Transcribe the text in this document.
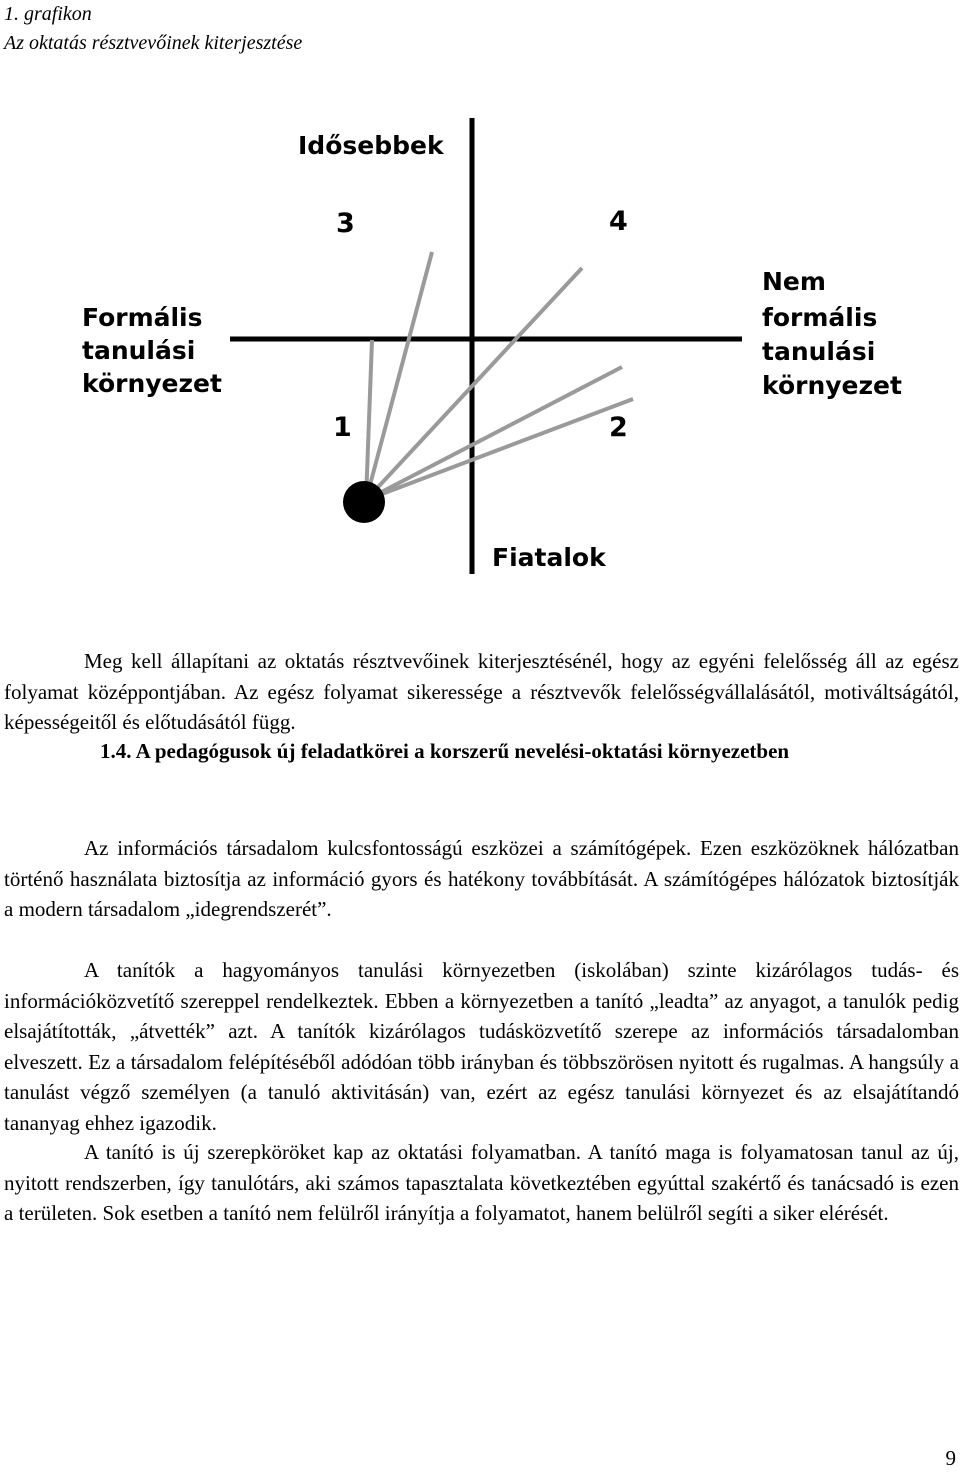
1. grafikon
Az oktatás résztvevőinek kiterjesztése
Idősebbek
Fiatalok
Formális
tanulási
környezet
Nem
formális
tanulási
környezet
1	2
3	4

Meg kell állapítani az oktatás résztvevőinek kiterjesztésénél, hogy az egyéni felelősség áll az egész folyamat középpontjában. Az egész folyamat sikeressége a résztvevők felelősségvállalásától, motiváltságától, képességeitől és előtudásától függ.

1.4. A pedagógusok új feladatkörei a korszerű nevelési-oktatási környezetben

Az információs társadalom kulcsfontosságú eszközei a számítógépek. Ezen eszközöknek hálózatban történő használata biztosítja az információ gyors és hatékony továbbítását. A számítógépes hálózatok biztosítják a modern társadalom „idegrendszerét”.

A tanítók a hagyományos tanulási környezetben (iskolában) szinte kizárólagos tudás- és információközvetítő szereppel rendelkeztek. Ebben a környezetben a tanító „leadta” az anyagot, a tanulók pedig elsajátították, „átvették” azt. A tanítók kizárólagos tudásközvetítő szerepe az információs társadalomban elveszett. Ez a társadalom felépítéséből adódóan több irányban és többszörösen nyitott és rugalmas. A hangsúly a tanulást végző személyen (a tanuló aktivitásán) van, ezért az egész tanulási környezet és az elsajátítandó tananyag ehhez igazodik.

A tanító is új szerepköröket kap az oktatási folyamatban. A tanító maga is folyamatosan tanul az új, nyitott rendszerben, így tanulótárs, aki számos tapasztalata következtében egyúttal szakértő és tanácsadó is ezen a területen. Sok esetben a tanító nem felülről irányítja a folyamatot, hanem belülről segíti a siker elérését.

9
